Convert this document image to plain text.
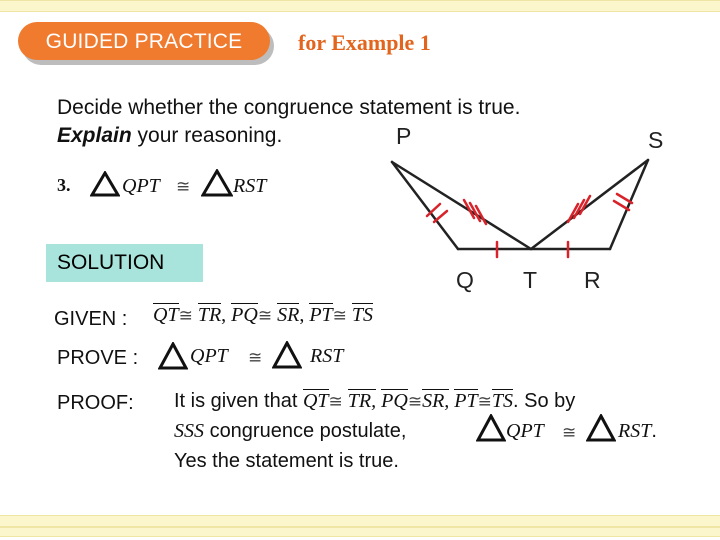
GUIDED PRACTICE	for Example 1
Decide whether the congruence statement is true.
Explain your reasoning.
3.	QPT ≅ RST
P	S
Q T R
SOLUTION
GIVEN : QT≅ TR, PQ≅ SR, PT≅ TS
PROVE :	QPT ≅ RST
PROOF: It is given that QT≅ TR, PQ≅SR, PT≅TS. So by
SSS congruence postulate,	QPT ≅ RST.
Yes the statement is true.
